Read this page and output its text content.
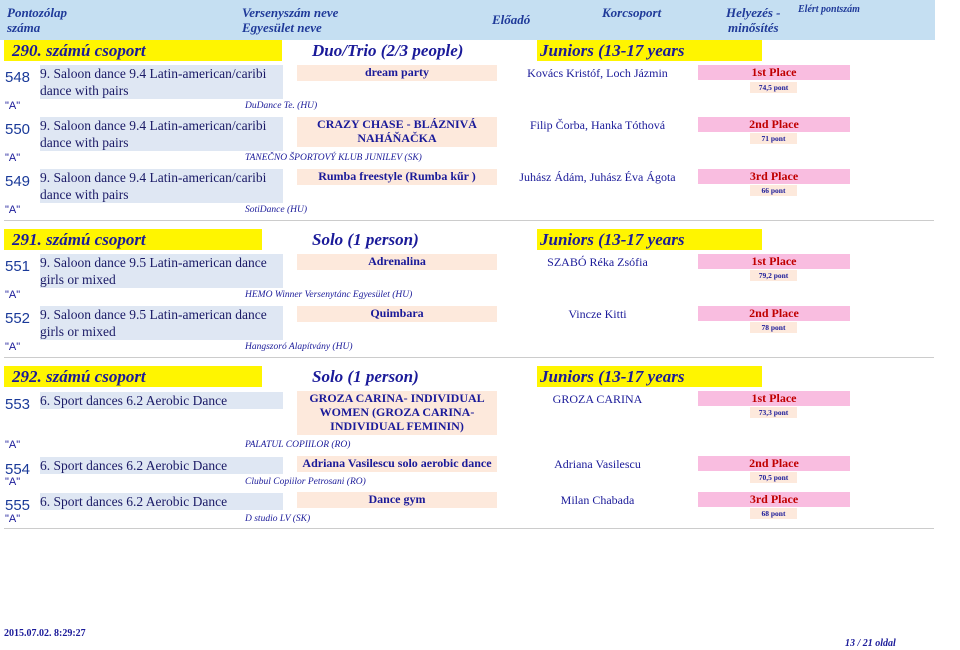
Pontozólap
száma
Versenyszám neve
Egyesület neve
Előadó	Korcsoport	Helyezés -
minősítés
Elért pontszám
290. számú csoport	Duo/Trio (2/3 people)	Juniors (13-17 years
548 9. Saloon dance 9.4 Latin-american/caribi dance with pairs
dream party	Kovács Kristóf, Loch Jázmin	1st Place
74,5 pont
"A"	DuDance Te. (HU)
550 9. Saloon dance 9.4 Latin-american/caribi dance with pairs
CRAZY CHASE - BLÁZNIVÁ NAHÁŇAČKA
Filip Čorba, Hanka Tóthová	2nd Place
71 pont
"A"	TANEČNO ŠPORTOVÝ KLUB JUNILEV (SK)
549 9. Saloon dance 9.4 Latin-american/caribi dance with pairs
Rumba freestyle (Rumba kűr )	Juhász Ádám, Juhász Éva Ágota	3rd Place
66 pont
"A"	SotiDance (HU)
291. számú csoport	Solo (1 person)	Juniors (13-17 years
551 9. Saloon dance 9.5 Latin-american dance girls or mixed
Adrenalina	SZABÓ Réka Zsófia	1st Place
79,2 pont
"A"	HEMO Winner Versenytánc Egyesület (HU)
552 9. Saloon dance 9.5 Latin-american dance girls or mixed
Quimbara	Vincze Kitti	2nd Place
78 pont
"A"	Hangszoró Alapítvány (HU)
292. számú csoport	Solo (1 person)	Juniors (13-17 years
553 6. Sport dances 6.2 Aerobic Dance	GROZA CARINA- INDIVIDUAL WOMEN (GROZA CARINA-INDIVIDUAL FEMININ)
GROZA CARINA	1st Place
73,3 pont
"A"	PALATUL COPIILOR (RO)
554 6. Sport dances 6.2 Aerobic Dance	Adriana Vasilescu solo aerobic dance	Adriana Vasilescu	2nd Place
70,5 pont
"A"	Clubul Copiilor Petrosani (RO)
555 6. Sport dances 6.2 Aerobic Dance	Dance gym	Milan Chabada	3rd Place
68 pont
"A"	D studio LV (SK)
2015.07.02. 8:29:27
13 / 21 oldal
